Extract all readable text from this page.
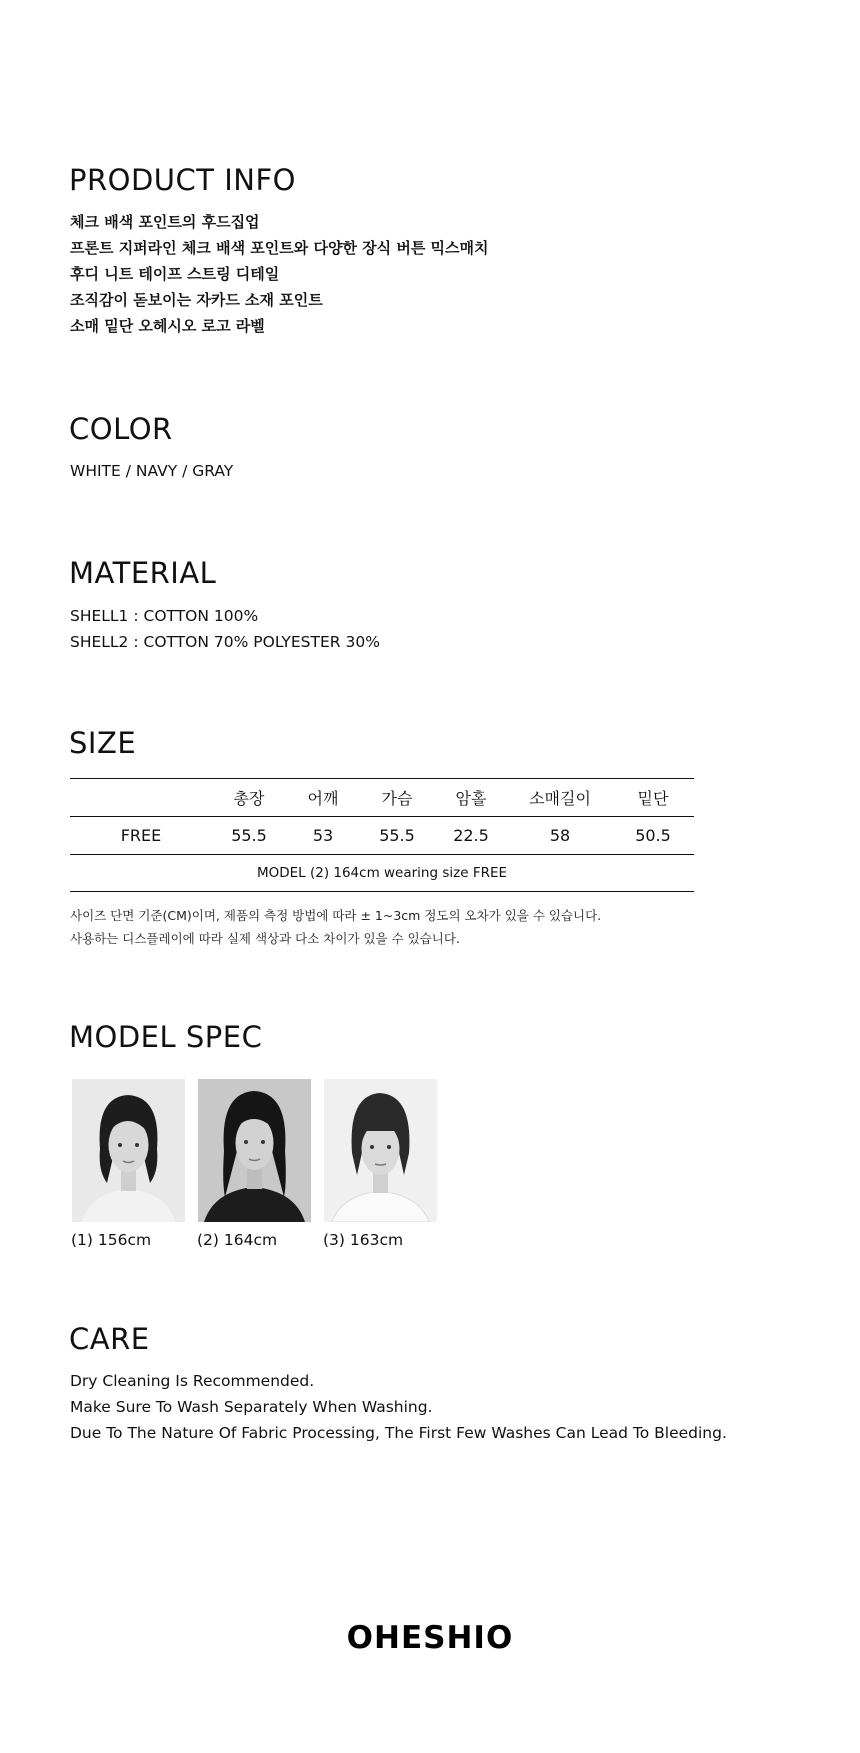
PRODUCT INFO
체크 배색 포인트의 후드집업
프론트 지퍼라인 체크 배색 포인트와 다양한 장식 버튼 믹스매치
후디 니트 테이프 스트링 디테일
조직감이 돋보이는 자카드 소재 포인트
소매 밑단 오헤시오 로고 라벨
COLOR
WHITE / NAVY / GRAY
MATERIAL
SHELL1 : COTTON 100%
SHELL2 : COTTON 70% POLYESTER 30%
SIZE
	총장	어깨	가슴	암홀	소매길이	밑단
FREE	55.5	53	55.5	22.5	58	50.5
MODEL (2) 164cm wearing size FREE						
사이즈 단면 기준(CM)이며, 제품의 측정 방법에 따라 ± 1~3cm 정도의 오차가 있을 수 있습니다.
사용하는 디스플레이에 따라 실제 색상과 다소 차이가 있을 수 있습니다.
MODEL SPEC
(1) 156cm	(2) 164cm	(3) 163cm
CARE
Dry Cleaning Is Recommended.
Make Sure To Wash Separately When Washing.
Due To The Nature Of Fabric Processing, The First Few Washes Can Lead To Bleeding.
OHESHIO
